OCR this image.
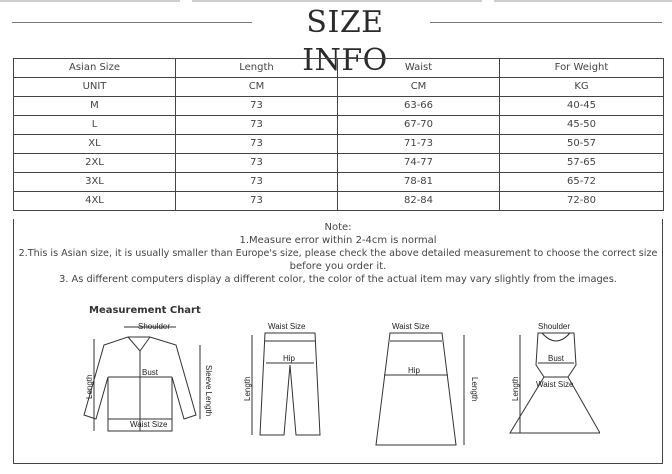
SIZE INFO
Asian Size	Length	Waist	For Weight
UNIT	CM	CM	KG
M	73	63-66	40-45
L	73	67-70	45-50
XL	73	71-73	50-57
2XL	73	74-77	57-65
3XL	73	78-81	65-72
4XL	73	82-84	72-80
Note:
1.Measure error within 2-4cm is normal
2.This is Asian size, it is usually smaller than Europe's size, please check the above detailed measurement to choose the correct size
before you order it.
3. As different computers display a different color, the color of the actual item may vary slightly from the images.
Measurement Chart
Shoulder
Bust
Waist Size
Length	Sleeve Length
Waist Size
Hip
Length
Waist Size
Hip
Length
Shoulder
Bust
Waist Size
Length
